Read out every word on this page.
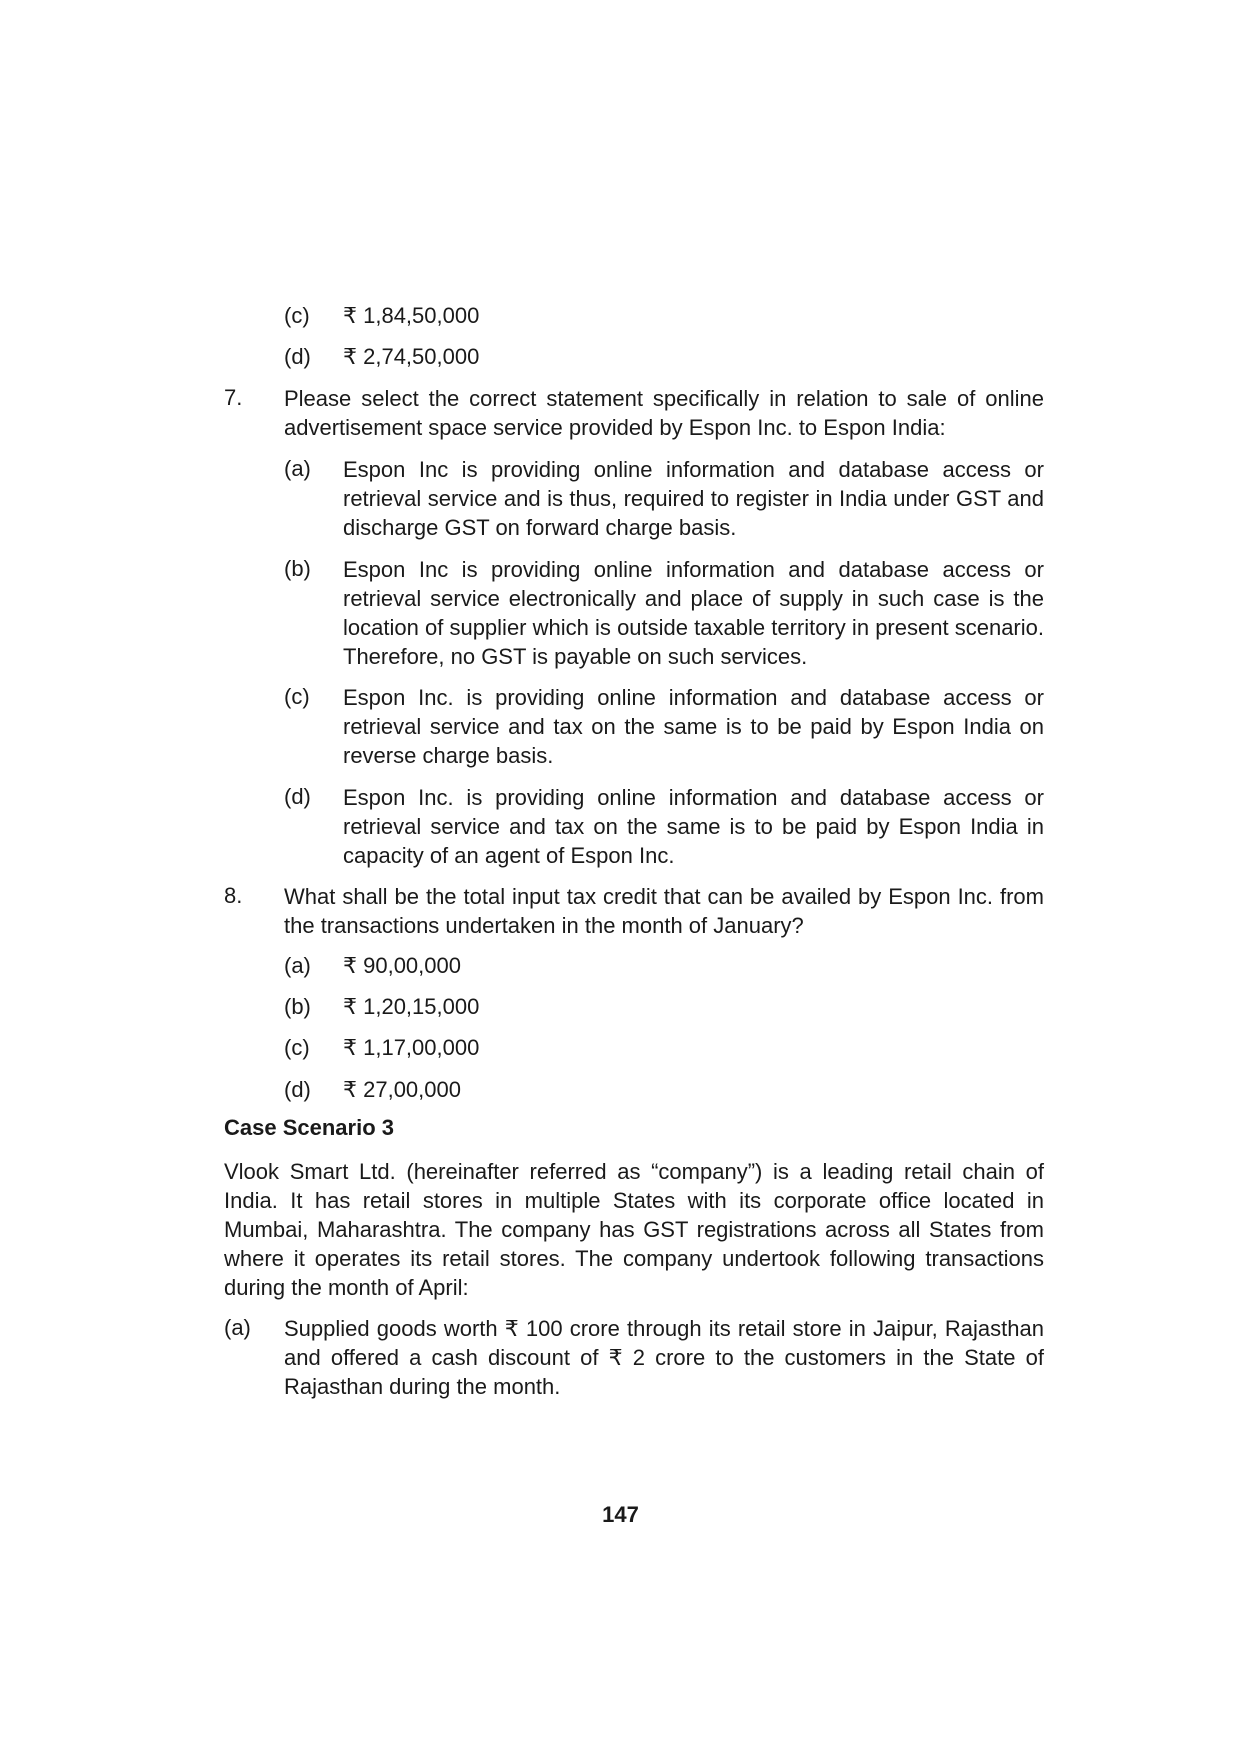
(c) ₹ 1,84,50,000
(d) ₹ 2,74,50,000
7. Please select the correct statement specifically in relation to sale of online advertisement space service provided by Espon Inc. to Espon India:
(a) Espon Inc is providing online information and database access or retrieval service and is thus, required to register in India under GST and discharge GST on forward charge basis.
(b) Espon Inc is providing online information and database access or retrieval service electronically and place of supply in such case is the location of supplier which is outside taxable territory in present scenario. Therefore, no GST is payable on such services.
(c) Espon Inc. is providing online information and database access or retrieval service and tax on the same is to be paid by Espon India on reverse charge basis.
(d) Espon Inc. is providing online information and database access or retrieval service and tax on the same is to be paid by Espon India in capacity of an agent of Espon Inc.
8. What shall be the total input tax credit that can be availed by Espon Inc. from the transactions undertaken in the month of January?
(a) ₹ 90,00,000
(b) ₹ 1,20,15,000
(c) ₹ 1,17,00,000
(d) ₹ 27,00,000
Case Scenario 3
Vlook Smart Ltd. (hereinafter referred as “company”) is a leading retail chain of India. It has retail stores in multiple States with its corporate office located in Mumbai, Maharashtra. The company has GST registrations across all States from where it operates its retail stores. The company undertook following transactions during the month of April:
(a) Supplied goods worth ₹ 100 crore through its retail store in Jaipur, Rajasthan and offered a cash discount of ₹ 2 crore to the customers in the State of Rajasthan during the month.
147
